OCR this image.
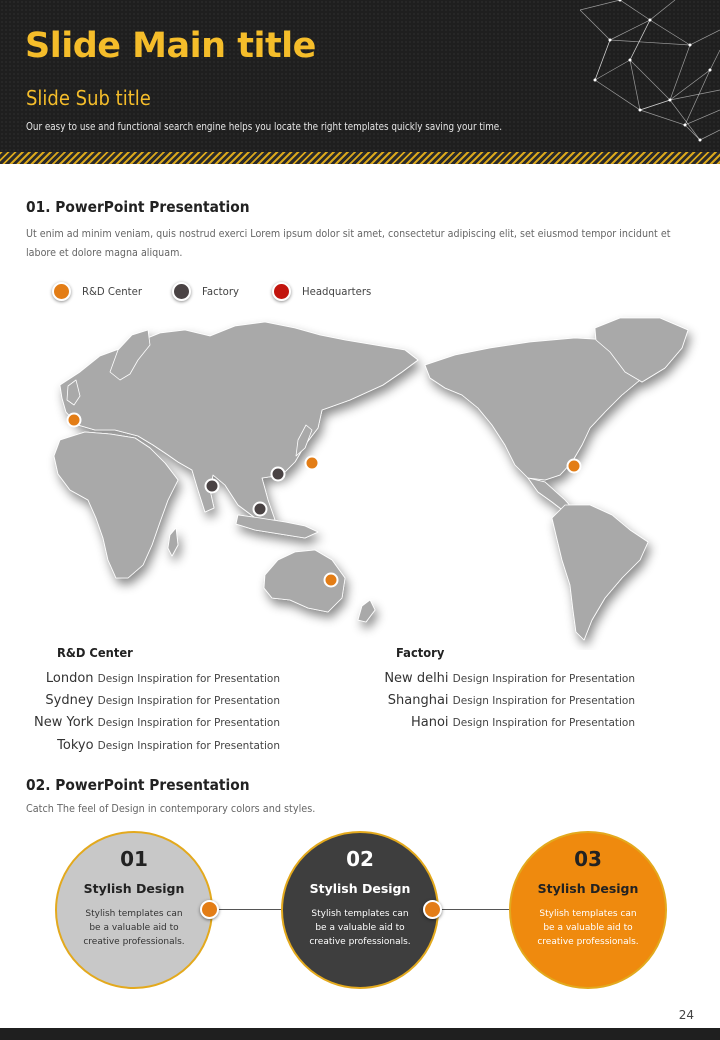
Slide Main title
Slide Sub title
Our easy to use and functional search engine helps you locate the right templates quickly saving your time.
01. PowerPoint Presentation
Ut enim ad minim veniam, quis nostrud exerci Lorem ipsum dolor sit amet, consectetur adipiscing elit, set eiusmod tempor incidunt et labore et dolore magna aliquam.
R&D Center	Factory	Headquarters
R&D Center
London Design Inspiration for Presentation
Sydney Design Inspiration for Presentation
New York Design Inspiration for Presentation
Tokyo Design Inspiration for Presentation
Factory
New delhi Design Inspiration for Presentation
Shanghai Design Inspiration for Presentation
Hanoi Design Inspiration for Presentation
02. PowerPoint Presentation
Catch The feel of Design in contemporary colors and styles.
01
Stylish Design
Stylish templates can be a valuable aid to creative professionals.
02
Stylish Design
Stylish templates can be a valuable aid to creative professionals.
03
Stylish Design
Stylish templates can be a valuable aid to creative professionals.
24
